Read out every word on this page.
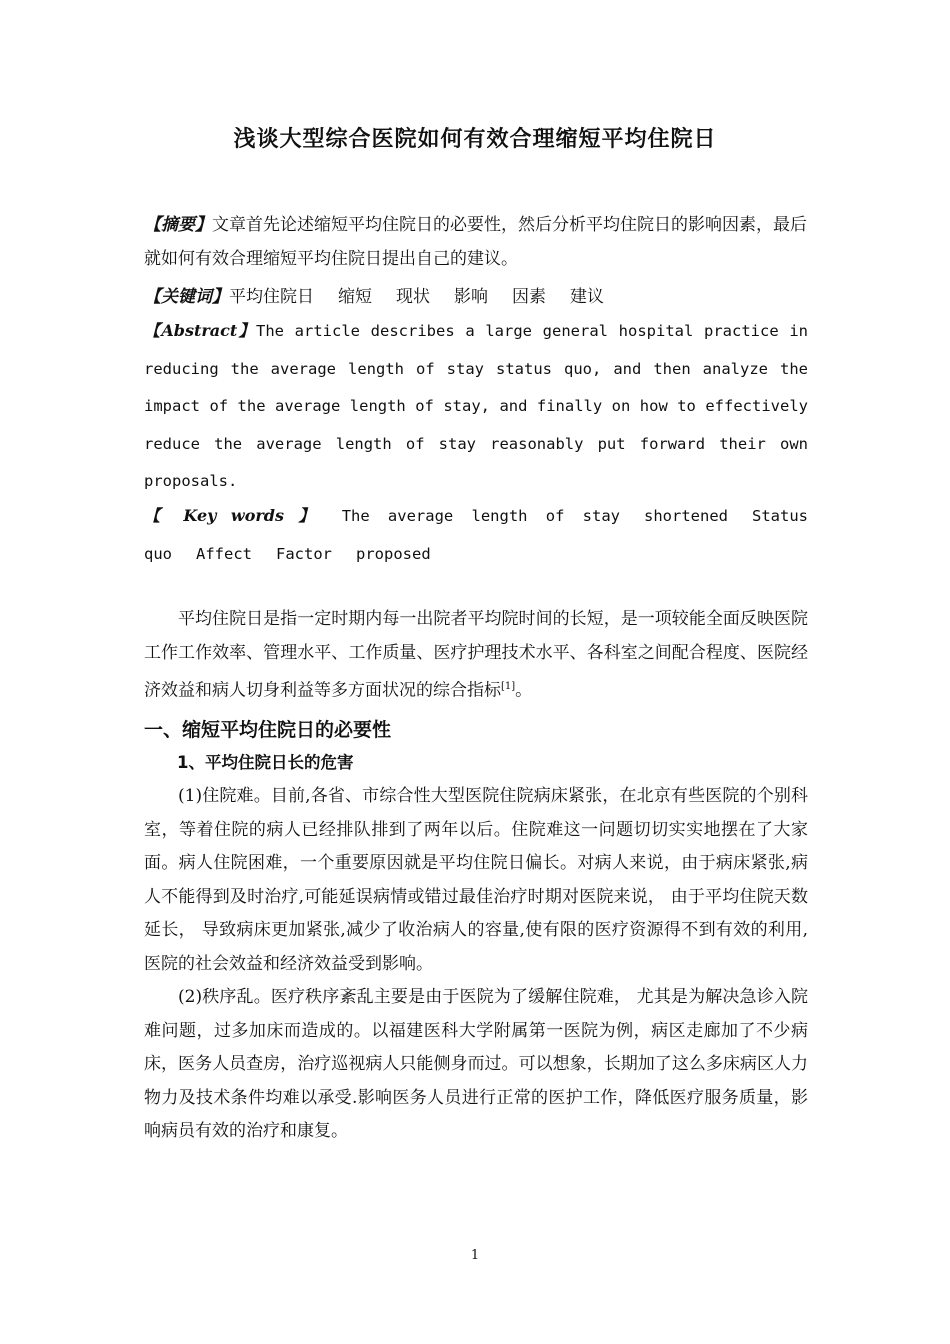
浅谈大型综合医院如何有效合理缩短平均住院日

【摘要】文章首先论述缩短平均住院日的必要性，然后分析平均住院日的影响因素，最后就如何有效合理缩短平均住院日提出自己的建议。

【关键词】平均住院日 缩短 现状 影响 因素 建议

【Abstract】The article describes a large general hospital practice in reducing the average length of stay status quo, and then analyze the impact of the average length of stay, and finally on how to effectively reduce the average length of stay reasonably put forward their own proposals.

【 Key words 】 The average length of stay shortened Status quo Affect Factor proposed

平均住院日是指一定时期内每一出院者平均院时间的长短，是一项较能全面反映医院工作工作效率、管理水平、工作质量、医疗护理技术水平、各科室之间配合程度、医院经济效益和病人切身利益等多方面状况的综合指标[1]。

一、缩短平均住院日的必要性

1、平均住院日长的危害

(1)住院难。目前,各省、市综合性大型医院住院病床紧张，在北京有些医院的个别科室，等着住院的病人已经排队排到了两年以后。住院难这一问题切切实实地摆在了大家面。病人住院困难，一个重要原因就是平均住院日偏长。对病人来说，由于病床紧张,病人不能得到及时治疗,可能延误病情或错过最佳治疗时期对医院来说， 由于平均住院天数延长， 导致病床更加紧张,减少了收治病人的容量,使有限的医疗资源得不到有效的利用,医院的社会效益和经济效益受到影响。

(2)秩序乱。医疗秩序紊乱主要是由于医院为了缓解住院难， 尤其是为解决急诊入院难问题，过多加床而造成的。以福建医科大学附属第一医院为例，病区走廊加了不少病床，医务人员查房，治疗巡视病人只能侧身而过。可以想象，长期加了这么多床病区人力物力及技术条件均难以承受.影响医务人员进行正常的医护工作，降低医疗服务质量，影响病员有效的治疗和康复。

1
